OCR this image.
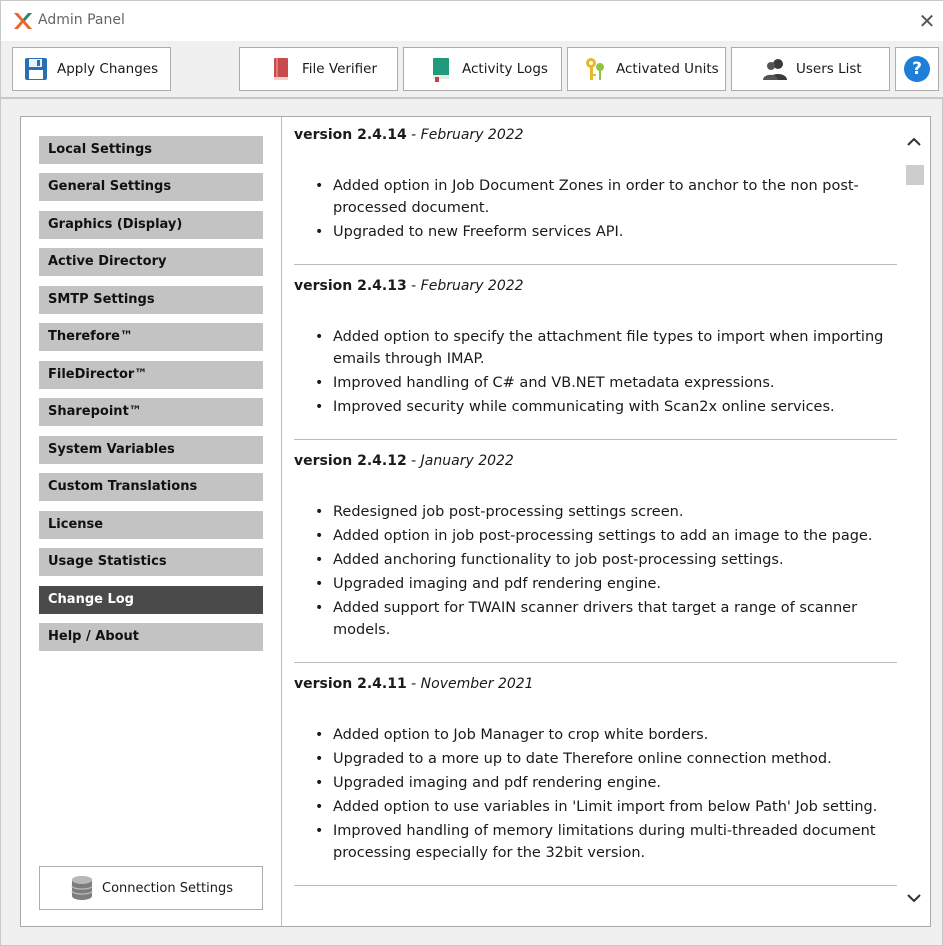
Admin Panel	✕
Apply Changes	File Verifier	Activity Logs	Activated Units	Users List	?
Local Settings
General Settings
Graphics (Display)
Active Directory
SMTP Settings
Therefore™
FileDirector™
Sharepoint™
System Variables
Custom Translations
License
Usage Statistics
Change Log
Help / About
Connection Settings
version 2.4.14 - February 2022
• Added option in Job Document Zones in order to anchor to the non post-processed document.
• Upgraded to new Freeform services API.
version 2.4.13 - February 2022
• Added option to specify the attachment file types to import when importing emails through IMAP.
• Improved handling of C# and VB.NET metadata expressions.
• Improved security while communicating with Scan2x online services.
version 2.4.12 - January 2022
• Redesigned job post-processing settings screen.
• Added option in job post-processing settings to add an image to the page.
• Added anchoring functionality to job post-processing settings.
• Upgraded imaging and pdf rendering engine.
• Added support for TWAIN scanner drivers that target a range of scanner models.
version 2.4.11 - November 2021
• Added option to Job Manager to crop white borders.
• Upgraded to a more up to date Therefore online connection method.
• Upgraded imaging and pdf rendering engine.
• Added option to use variables in 'Limit import from below Path' Job setting.
• Improved handling of memory limitations during multi-threaded document processing especially for the 32bit version.
